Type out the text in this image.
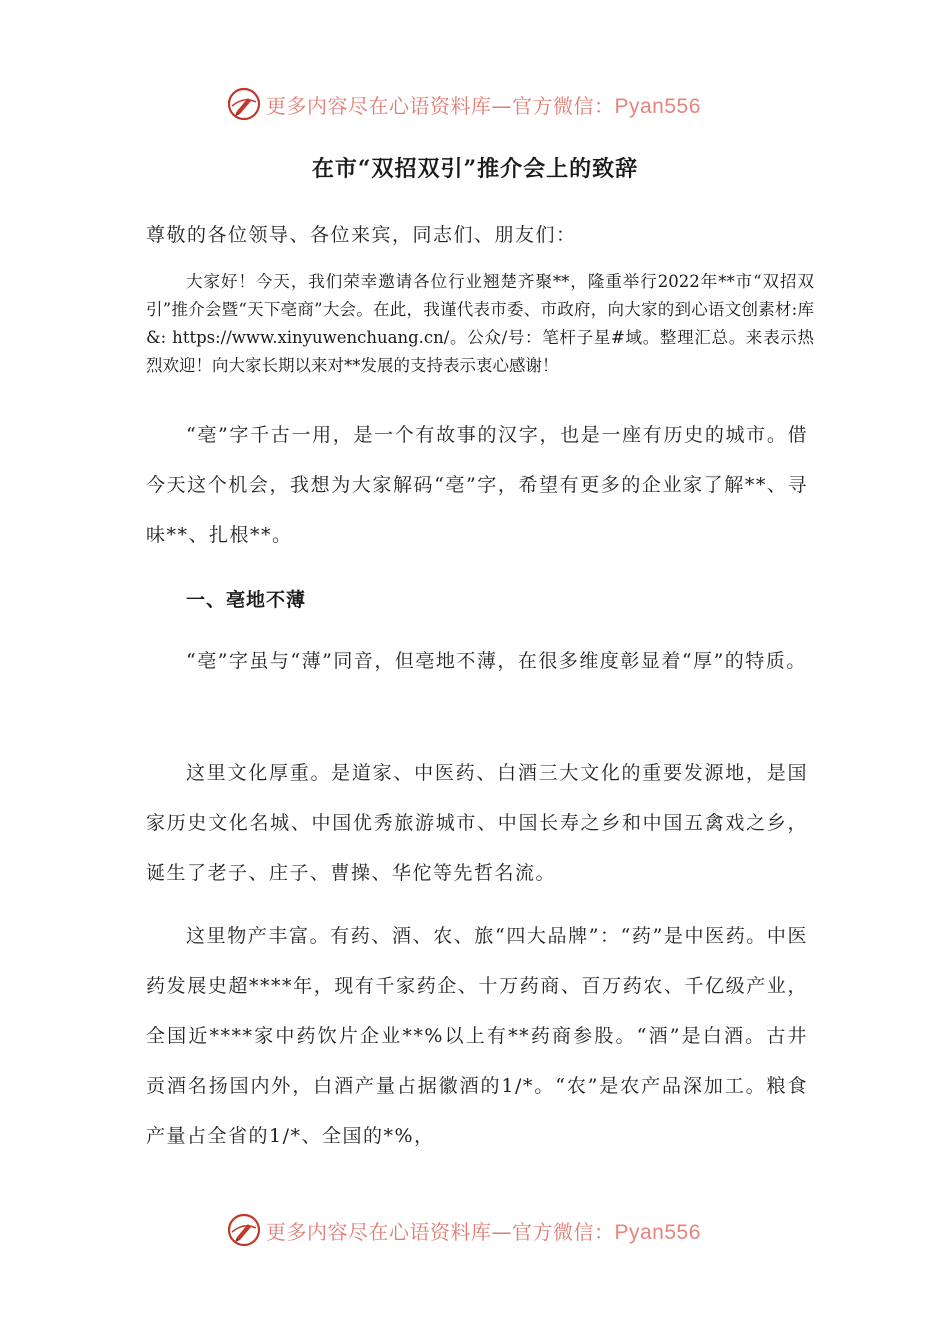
更多内容尽在心语资料库—官方微信：Pyan556
在市“双招双引”推介会上的致辞
尊敬的各位领导、各位来宾，同志们、朋友们：

大家好！今天，我们荣幸邀请各位行业翘楚齐聚**，隆重举行2022年**市“双招双引”推介会暨“天下亳商”大会。在此，我谨代表市委、市政府，向大家的到心语文创素材:库&: https://www.xinyuwenchuang.cn/。公众/号：笔杆子星#域。整理汇总。来表示热烈欢迎！向大家长期以来对**发展的支持表示衷心感谢！

“亳”字千古一用，是一个有故事的汉字，也是一座有历史的城市。借今天这个机会，我想为大家解码“亳”字，希望有更多的企业家了解**、寻味**、扎根**。

一、亳地不薄

“亳”字虽与“薄”同音，但亳地不薄，在很多维度彰显着“厚”的特质。

这里文化厚重。是道家、中医药、白酒三大文化的重要发源地，是国家历史文化名城、中国优秀旅游城市、中国长寿之乡和中国五禽戏之乡，诞生了老子、庄子、曹操、华佗等先哲名流。

这里物产丰富。有药、酒、农、旅“四大品牌”：“药”是中医药。中医药发展史超****年，现有千家药企、十万药商、百万药农、千亿级产业，全国近****家中药饮片企业**%以上有**药商参股。“酒”是白酒。古井贡酒名扬国内外，白酒产量占据徽酒的1/*。“农”是农产品深加工。粮食产量占全省的1/*、全国的*%，

更多内容尽在心语资料库—官方微信：Pyan556
